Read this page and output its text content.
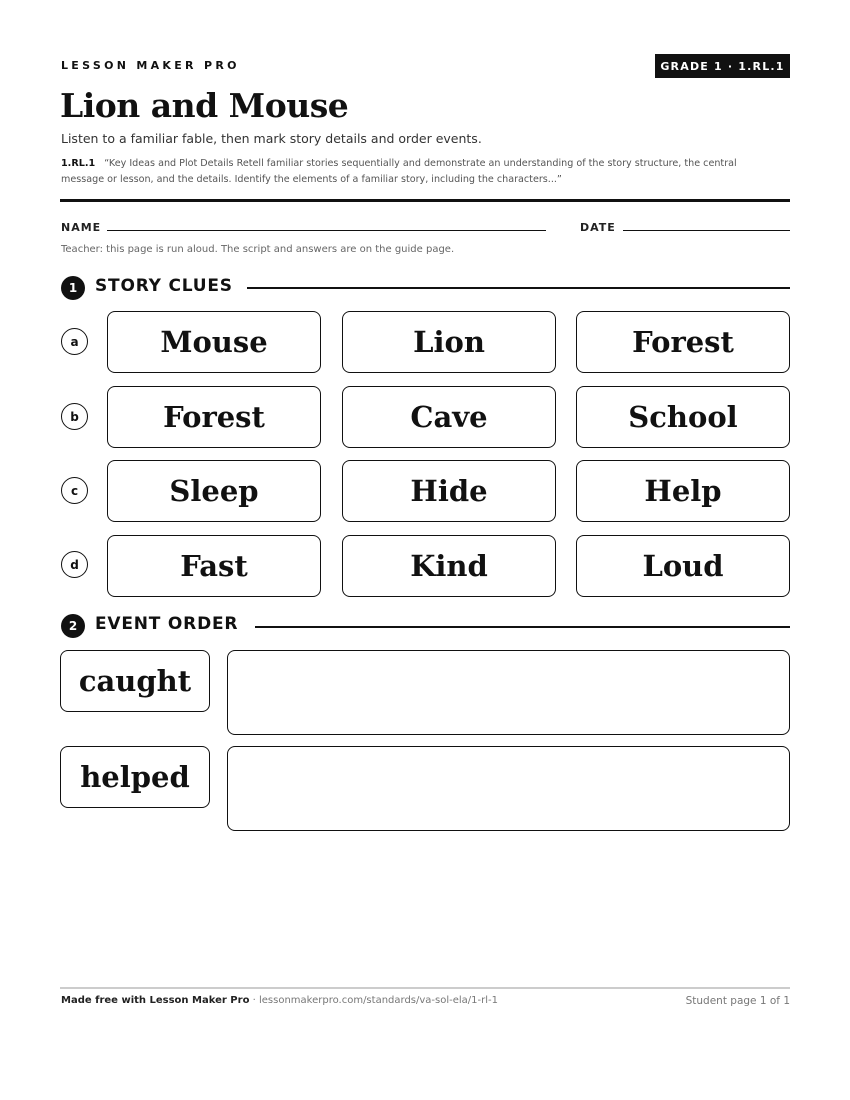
LESSON MAKER PRO	GRADE 1 · 1.RL.1
Lion and Mouse
Listen to a familiar fable, then mark story details and order events.
1.RL.1 “Key Ideas and Plot Details Retell familiar stories sequentially and demonstrate an understanding of the story structure, the central message or lesson, and the details. Identify the elements of a familiar story, including the characters...”
NAME	DATE
Teacher: this page is run aloud. The script and answers are on the guide page.
1	STORY CLUES
a	Mouse	Lion	Forest
b	Forest	Cave	School
c	Sleep	Hide	Help
d	Fast	Kind	Loud
2	EVENT ORDER
caught
helped
Made free with Lesson Maker Pro · lessonmakerpro.com/standards/va-sol-ela/1-rl-1	Student page 1 of 1
